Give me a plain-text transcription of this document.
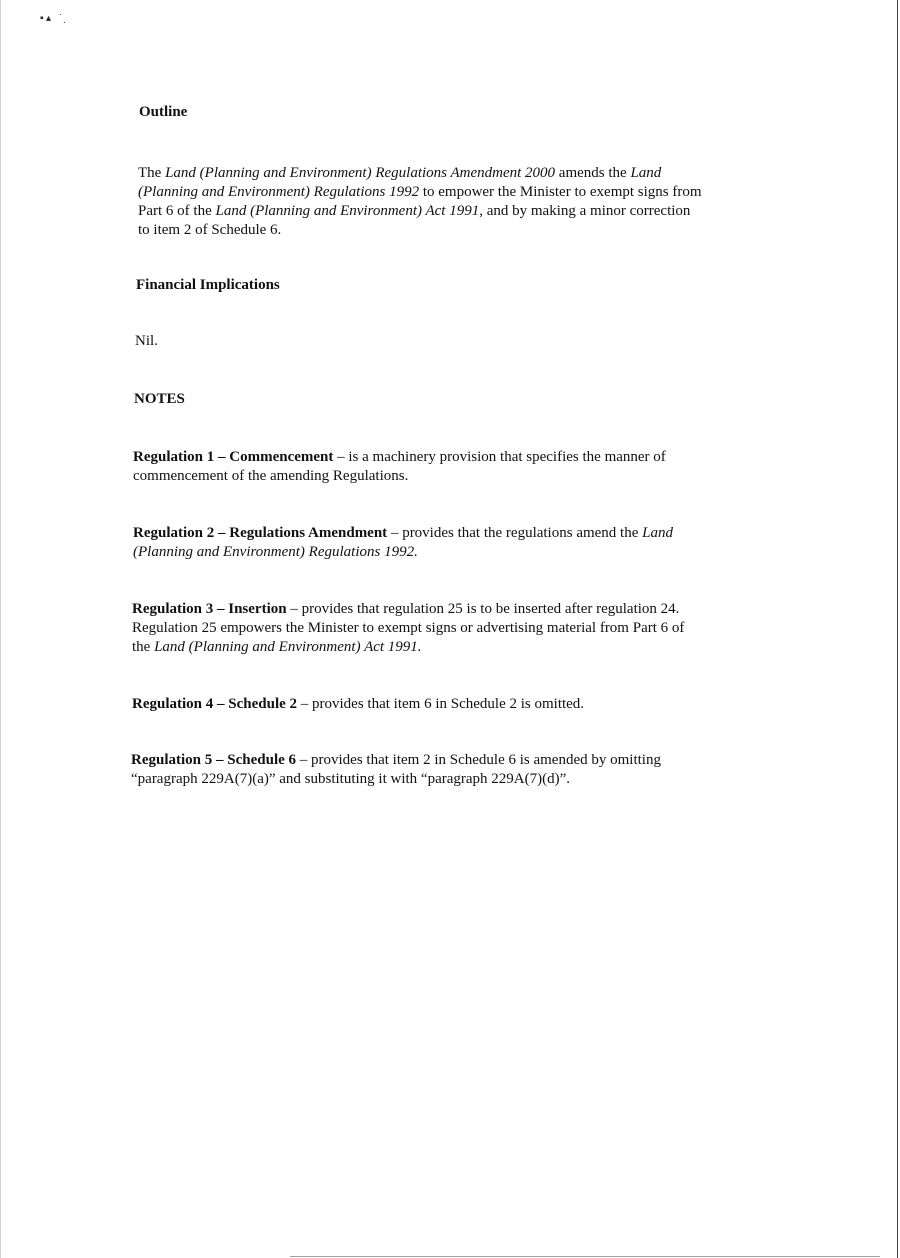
▪ ▴   ˙ ̣
Outline

The Land (Planning and Environment) Regulations Amendment 2000 amends the Land

(Planning and Environment) Regulations 1992 to empower the Minister to exempt signs from

Part 6 of the Land (Planning and Environment) Act 1991, and by making a minor correction

to item 2 of Schedule 6.

Financial Implications
Nil.
NOTES

Regulation 1 – Commencement – is a machinery provision that specifies the manner of

commencement of the amending Regulations.

Regulation 2 – Regulations Amendment – provides that the regulations amend the Land

(Planning and Environment) Regulations 1992.

Regulation 3 – Insertion – provides that regulation 25 is to be inserted after regulation 24.

Regulation 25 empowers the Minister to exempt signs or advertising material from Part 6 of

the Land (Planning and Environment) Act 1991.

Regulation 4 – Schedule 2 – provides that item 6 in Schedule 2 is omitted.

Regulation 5 – Schedule 6 – provides that item 2 in Schedule 6 is amended by omitting

“paragraph 229A(7)(a)” and substituting it with “paragraph 229A(7)(d)”.
